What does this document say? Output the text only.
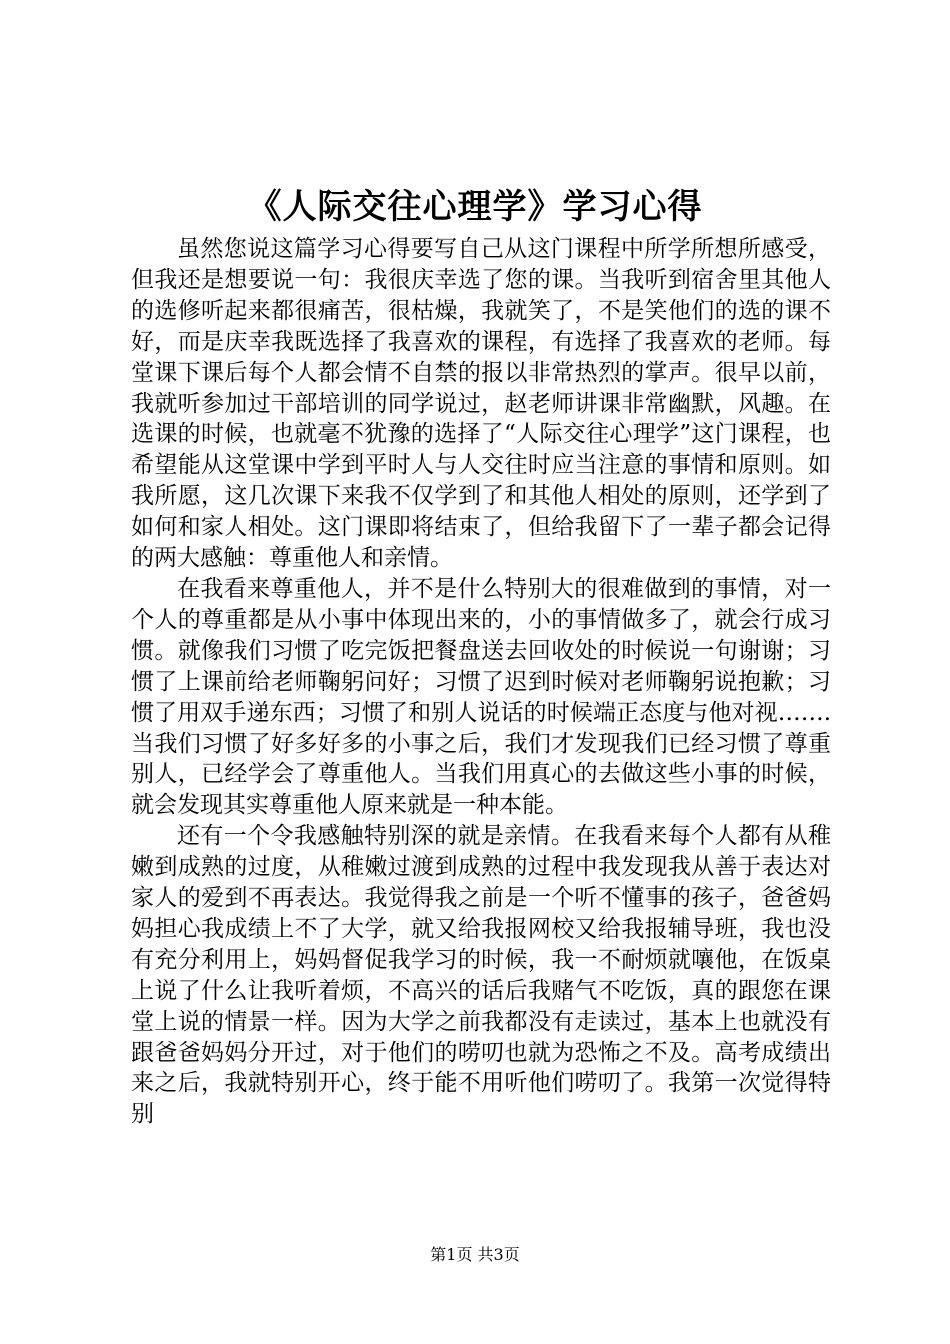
《人际交往心理学》学习心得

虽然您说这篇学习心得要写自己从这门课程中所学所想所感受，但我还是想要说一句：我很庆幸选了您的课。当我听到宿舍里其他人的选修听起来都很痛苦，很枯燥，我就笑了，不是笑他们的选的课不好，而是庆幸我既选择了我喜欢的课程，有选择了我喜欢的老师。每堂课下课后每个人都会情不自禁的报以非常热烈的掌声。很早以前，我就听参加过干部培训的同学说过，赵老师讲课非常幽默，风趣。在选课的时候，也就毫不犹豫的选择了“人际交往心理学”这门课程，也希望能从这堂课中学到平时人与人交往时应当注意的事情和原则。如我所愿，这几次课下来我不仅学到了和其他人相处的原则，还学到了如何和家人相处。这门课即将结束了，但给我留下了一辈子都会记得的两大感触：尊重他人和亲情。

在我看来尊重他人，并不是什么特别大的很难做到的事情，对一个人的尊重都是从小事中体现出来的，小的事情做多了，就会行成习惯。就像我们习惯了吃完饭把餐盘送去回收处的时候说一句谢谢；习惯了上课前给老师鞠躬问好；习惯了迟到时候对老师鞠躬说抱歉；习惯了用双手递东西；习惯了和别人说话的时候端正态度与他对视…….当我们习惯了好多好多的小事之后，我们才发现我们已经习惯了尊重别人，已经学会了尊重他人。当我们用真心的去做这些小事的时候，就会发现其实尊重他人原来就是一种本能。

还有一个令我感触特别深的就是亲情。在我看来每个人都有从稚嫩到成熟的过度，从稚嫩过渡到成熟的过程中我发现我从善于表达对家人的爱到不再表达。我觉得我之前是一个听不懂事的孩子，爸爸妈妈担心我成绩上不了大学，就又给我报网校又给我报辅导班，我也没有充分利用上，妈妈督促我学习的时候，我一不耐烦就嚷他，在饭桌上说了什么让我听着烦，不高兴的话后我赌气不吃饭，真的跟您在课堂上说的情景一样。因为大学之前我都没有走读过，基本上也就没有跟爸爸妈妈分开过，对于他们的唠叨也就为恐怖之不及。高考成绩出来之后，我就特别开心，终于能不用听他们唠叨了。我第一次觉得特别

第1页 共3页
